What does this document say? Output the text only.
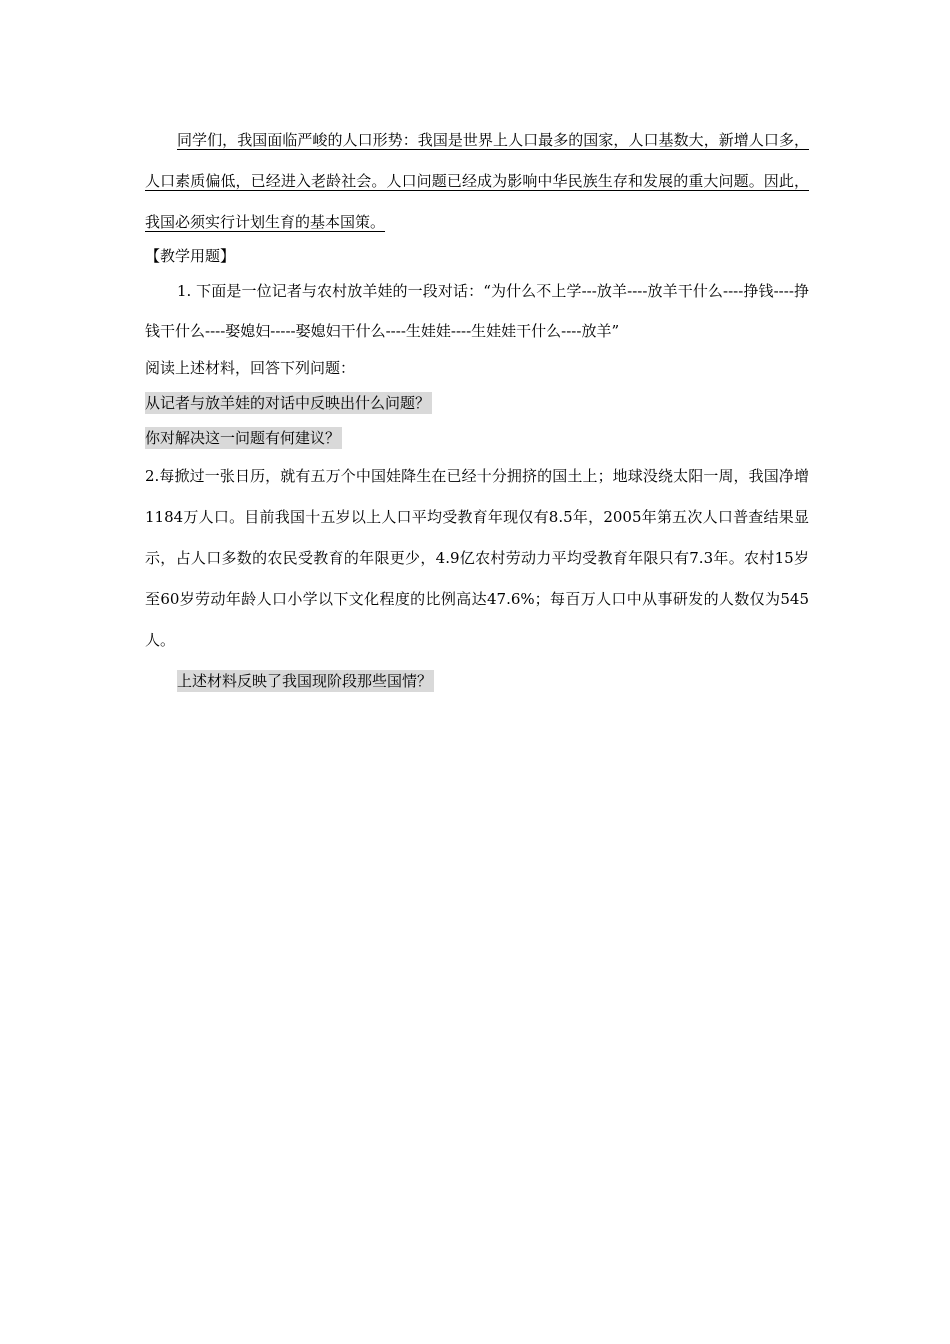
同学们，我国面临严峻的人口形势：我国是世界上人口最多的国家，人口基数大，新增人口多，人口素质偏低，已经进入老龄社会。人口问题已经成为影响中华民族生存和发展的重大问题。因此，我国必须实行计划生育的基本国策。
【教学用题】
1. 下面是一位记者与农村放羊娃的一段对话：“为什么不上学---放羊----放羊干什么----挣钱----挣钱干什么----娶媳妇-----娶媳妇干什么----生娃娃----生娃娃干什么----放羊”
阅读上述材料，回答下列问题：
从记者与放羊娃的对话中反映出什么问题？
你对解决这一问题有何建议？
2.每掀过一张日历，就有五万个中国娃降生在已经十分拥挤的国土上；地球没绕太阳一周，我国净增1184万人口。目前我国十五岁以上人口平均受教育年现仅有8.5年，2005年第五次人口普查结果显示，占人口多数的农民受教育的年限更少，4.9亿农村劳动力平均受教育年限只有7.3年。农村15岁至60岁劳动年龄人口小学以下文化程度的比例高达47.6%；每百万人口中从事研发的人数仅为545人。
上述材料反映了我国现阶段那些国情？
